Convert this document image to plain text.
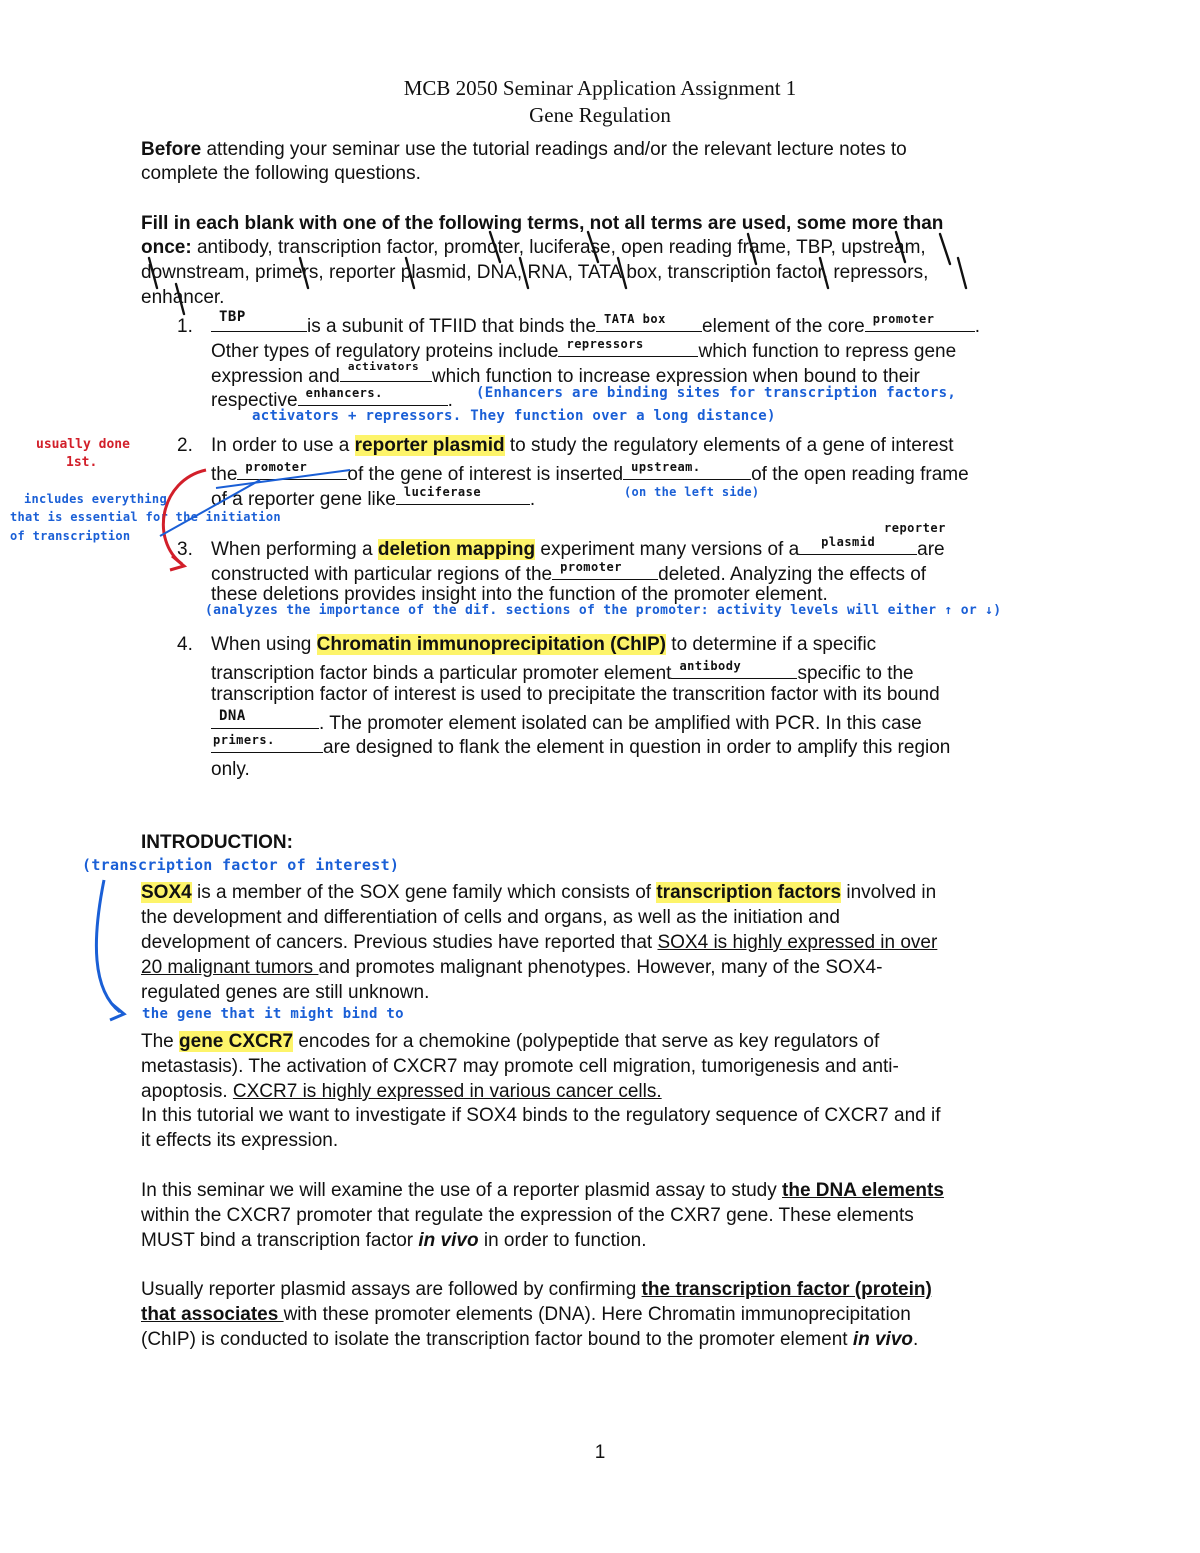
MCB 2050 Seminar Application Assignment 1
Gene Regulation
Before attending your seminar use the tutorial readings and/or the relevant lecture notes to
complete the following questions.
Fill in each blank with one of the following terms, not all terms are used, some more than
once: antibody, transcription factor, promoter, luciferase, open reading frame, TBP, upstream,
downstream, primers, reporter plasmid, DNA, RNA, TATA box, transcription factor, repressors,
enhancer.
1. TBP	is a subunit of TFIID that binds the TATA box element of the core promoter .
Other types of regulatory proteins include repressors	which function to repress gene
expression and activators which function to increase expression when bound to their
respective enhancers.	. (Enhancers are binding sites for transcription factors,
activators + repressors. They function over a long distance)
usually done
1st.
includes everything
that is essential for the initiation
of transcription
2. In order to use a reporter plasmid to study the regulatory elements of a gene of interest
the promoter of the gene of interest is inserted upstream.	of the open reading frame
of a reporter gene like luciferase	.	(on the left side)
reporter
3. When performing a deletion mapping experiment many versions of a plasmid are
constructed with particular regions of the promoter deleted. Analyzing the effects of
these deletions provides insight into the function of the promoter element.
(analyzes the importance of the dif. sections of the promoter: activity levels will either ↑ or ↓)
4. When using Chromatin immunoprecipitation (ChIP) to determine if a specific
transcription factor binds a particular promoter element antibody	specific to the
transcription factor of interest is used to precipitate the transcrition factor with its bound
DNA	. The promoter element isolated can be amplified with PCR. In this case
primers.	are designed to flank the element in question in order to amplify this region
only.
INTRODUCTION:
(transcription factor of interest)
SOX4 is a member of the SOX gene family which consists of transcription factors involved in
the development and differentiation of cells and organs, as well as the initiation and
development of cancers. Previous studies have reported that SOX4 is highly expressed in over
20 malignant tumors and promotes malignant phenotypes. However, many of the SOX4-
regulated genes are still unknown.
the gene that it might bind to
The gene CXCR7 encodes for a chemokine (polypeptide that serve as key regulators of
metastasis). The activation of CXCR7 may promote cell migration, tumorigenesis and anti-
apoptosis. CXCR7 is highly expressed in various cancer cells.
In this tutorial we want to investigate if SOX4 binds to the regulatory sequence of CXCR7 and if
it effects its expression.
In this seminar we will examine the use of a reporter plasmid assay to study the DNA elements
within the CXCR7 promoter that regulate the expression of the CXR7 gene. These elements
MUST bind a transcription factor in vivo in order to function.
Usually reporter plasmid assays are followed by confirming the transcription factor (protein)
that associates with these promoter elements (DNA). Here Chromatin immunoprecipitation
(ChIP) is conducted to isolate the transcription factor bound to the promoter element in vivo.
1
